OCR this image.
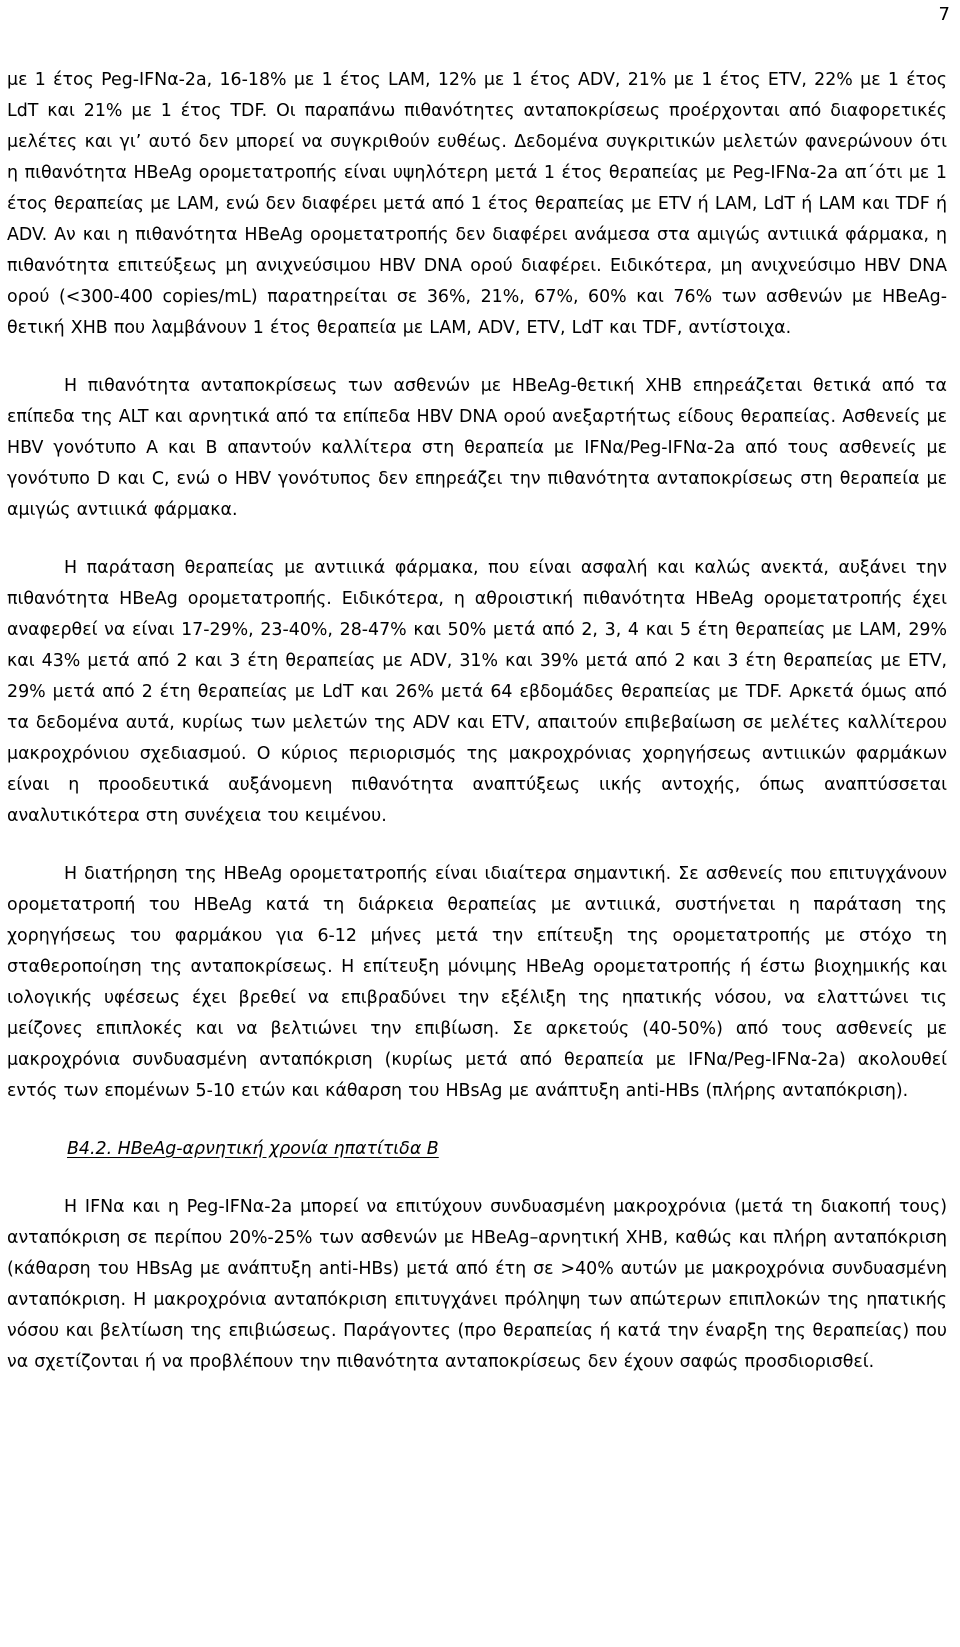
7

με 1 έτος Peg-IFNα-2a, 16-18% με 1 έτος LAM, 12% με 1 έτος ADV, 21% με 1 έτος ETV, 22% με 1 έτος LdT και 21% με 1 έτος TDF. Οι παραπάνω πιθανότητες ανταποκρίσεως προέρχονται από διαφορετικές μελέτες και γι’ αυτό δεν μπορεί να συγκριθούν ευθέως. Δεδομένα συγκριτικών μελετών φανερώνουν ότι η πιθανότητα HBeAg ορομετατροπής είναι υψηλότερη μετά 1 έτος θεραπείας με Peg-IFNα-2a απ΄ότι με 1 έτος θεραπείας με LAM, ενώ δεν διαφέρει μετά από 1 έτος θεραπείας με ETV ή LAM, LdT ή LAM και TDF ή ADV. Αν και η πιθανότητα HBeAg ορομετατροπής δεν διαφέρει ανάμεσα στα αμιγώς αντιιικά φάρμακα, η πιθανότητα επιτεύξεως μη ανιχνεύσιμου HBV DNA ορού διαφέρει. Ειδικότερα, μη ανιχνεύσιμο HBV DNA ορού (<300-400 copies/mL) παρατηρείται σε 36%, 21%, 67%, 60% και 76% των ασθενών με HBeAg-θετική ΧΗΒ που λαμβάνουν 1 έτος θεραπεία με LAM, ADV, ETV, LdT και TDF, αντίστοιχα.

Η πιθανότητα ανταποκρίσεως των ασθενών με HBeAg-θετική ΧΗΒ επηρεάζεται θετικά από τα επίπεδα της ALT και αρνητικά από τα επίπεδα HBV DNA ορού ανεξαρτήτως είδους θεραπείας. Ασθενείς με HBV γονότυπο Α και Β απαντούν καλλίτερα στη θεραπεία με IFNα/Peg-IFNα-2a από τους ασθενείς με γονότυπο D και C, ενώ ο HBV γονότυπος δεν επηρεάζει την πιθανότητα ανταποκρίσεως στη θεραπεία με αμιγώς αντιιικά φάρμακα.

Η παράταση θεραπείας με αντιιικά φάρμακα, που είναι ασφαλή και καλώς ανεκτά, αυξάνει την πιθανότητα HBeAg ορομετατροπής. Ειδικότερα, η αθροιστική πιθανότητα HBeAg ορομετατροπής έχει αναφερθεί να είναι 17-29%, 23-40%, 28-47% και 50% μετά από 2, 3, 4 και 5 έτη θεραπείας με LAM, 29% και 43% μετά από 2 και 3 έτη θεραπείας με ADV, 31% και 39% μετά από 2 και 3 έτη θεραπείας με ETV, 29% μετά από 2 έτη θεραπείας με LdT και 26% μετά 64 εβδομάδες θεραπείας με TDF. Αρκετά όμως από τα δεδομένα αυτά, κυρίως των μελετών της ADV και ETV, απαιτούν επιβεβαίωση σε μελέτες καλλίτερου μακροχρόνιου σχεδιασμού. Ο κύριος περιορισμός της μακροχρόνιας χορηγήσεως αντιιικών φαρμάκων είναι η προοδευτικά αυξάνομενη πιθανότητα αναπτύξεως ιικής αντοχής, όπως αναπτύσσεται αναλυτικότερα στη συνέχεια του κειμένου.

Η διατήρηση της HBeAg ορομετατροπής είναι ιδιαίτερα σημαντική. Σε ασθενείς που επιτυγχάνουν ορομετατροπή του HBeAg κατά τη διάρκεια θεραπείας με αντιιικά, συστήνεται η παράταση της χορηγήσεως του φαρμάκου για 6-12 μήνες μετά την επίτευξη της ορομετατροπής με στόχο τη σταθεροποίηση της ανταποκρίσεως. Η επίτευξη μόνιμης HBeAg ορομετατροπής ή έστω βιοχημικής και ιολογικής υφέσεως έχει βρεθεί να επιβραδύνει την εξέλιξη της ηπατικής νόσου, να ελαττώνει τις μείζονες επιπλοκές και να βελτιώνει την επιβίωση. Σε αρκετούς (40-50%) από τους ασθενείς με μακροχρόνια συνδυασμένη ανταπόκριση (κυρίως μετά από θεραπεία με IFNα/Peg-IFNα-2a) ακολουθεί εντός των επομένων 5-10 ετών και κάθαρση του HBsAg με ανάπτυξη anti-HBs (πλήρης ανταπόκριση).

B4.2. HBeAg-αρνητική χρονία ηπατίτιδα Β

Η IFNα και η Peg-IFNα-2a μπορεί να επιτύχουν συνδυασμένη μακροχρόνια (μετά τη διακοπή τους) ανταπόκριση σε περίπου 20%-25% των ασθενών με HBeAg–αρνητική ΧΗΒ, καθώς και πλήρη ανταπόκριση (κάθαρση του HBsAg με ανάπτυξη anti-HBs) μετά από έτη σε >40% αυτών με μακροχρόνια συνδυασμένη ανταπόκριση. Η μακροχρόνια ανταπόκριση επιτυγχάνει πρόληψη των απώτερων επιπλοκών της ηπατικής νόσου και βελτίωση της επιβιώσεως. Παράγοντες (προ θεραπείας ή κατά την έναρξη της θεραπείας) που να σχετίζονται ή να προβλέπουν την πιθανότητα ανταποκρίσεως δεν έχουν σαφώς προσδιορισθεί.
